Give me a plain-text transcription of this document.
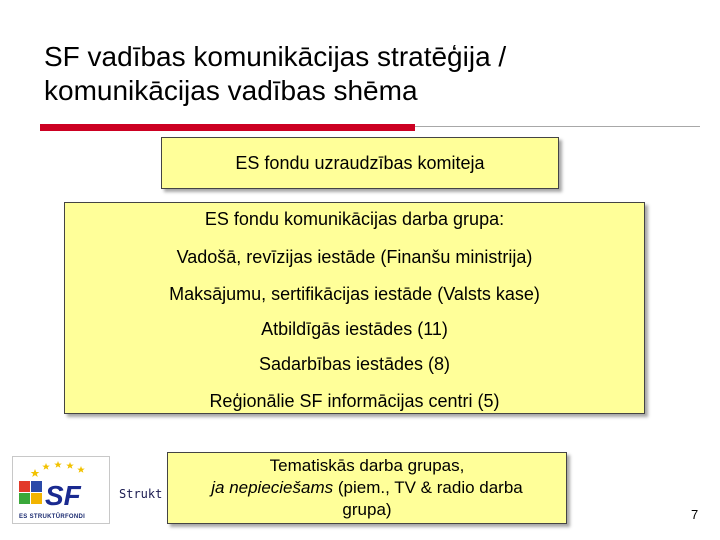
SF vadības komunikācijas stratēģija /
komunikācijas vadības shēma
ES fondu uzraudzības komiteja
ES fondu komunikācijas darba grupa:
Vadošā, revīzijas iestāde (Finanšu ministrija)
Maksājumu, sertifikācijas iestāde (Valsts kase)
Atbildīgās iestādes (11)
Sadarbības iestādes (8)
Reģionālie SF informācijas centri (5)
SF
ES STRUKTŪRFONDI
Strukt
Tematiskās darba grupas,
ja nepieciešams (piem., TV & radio darba
grupa)	7
